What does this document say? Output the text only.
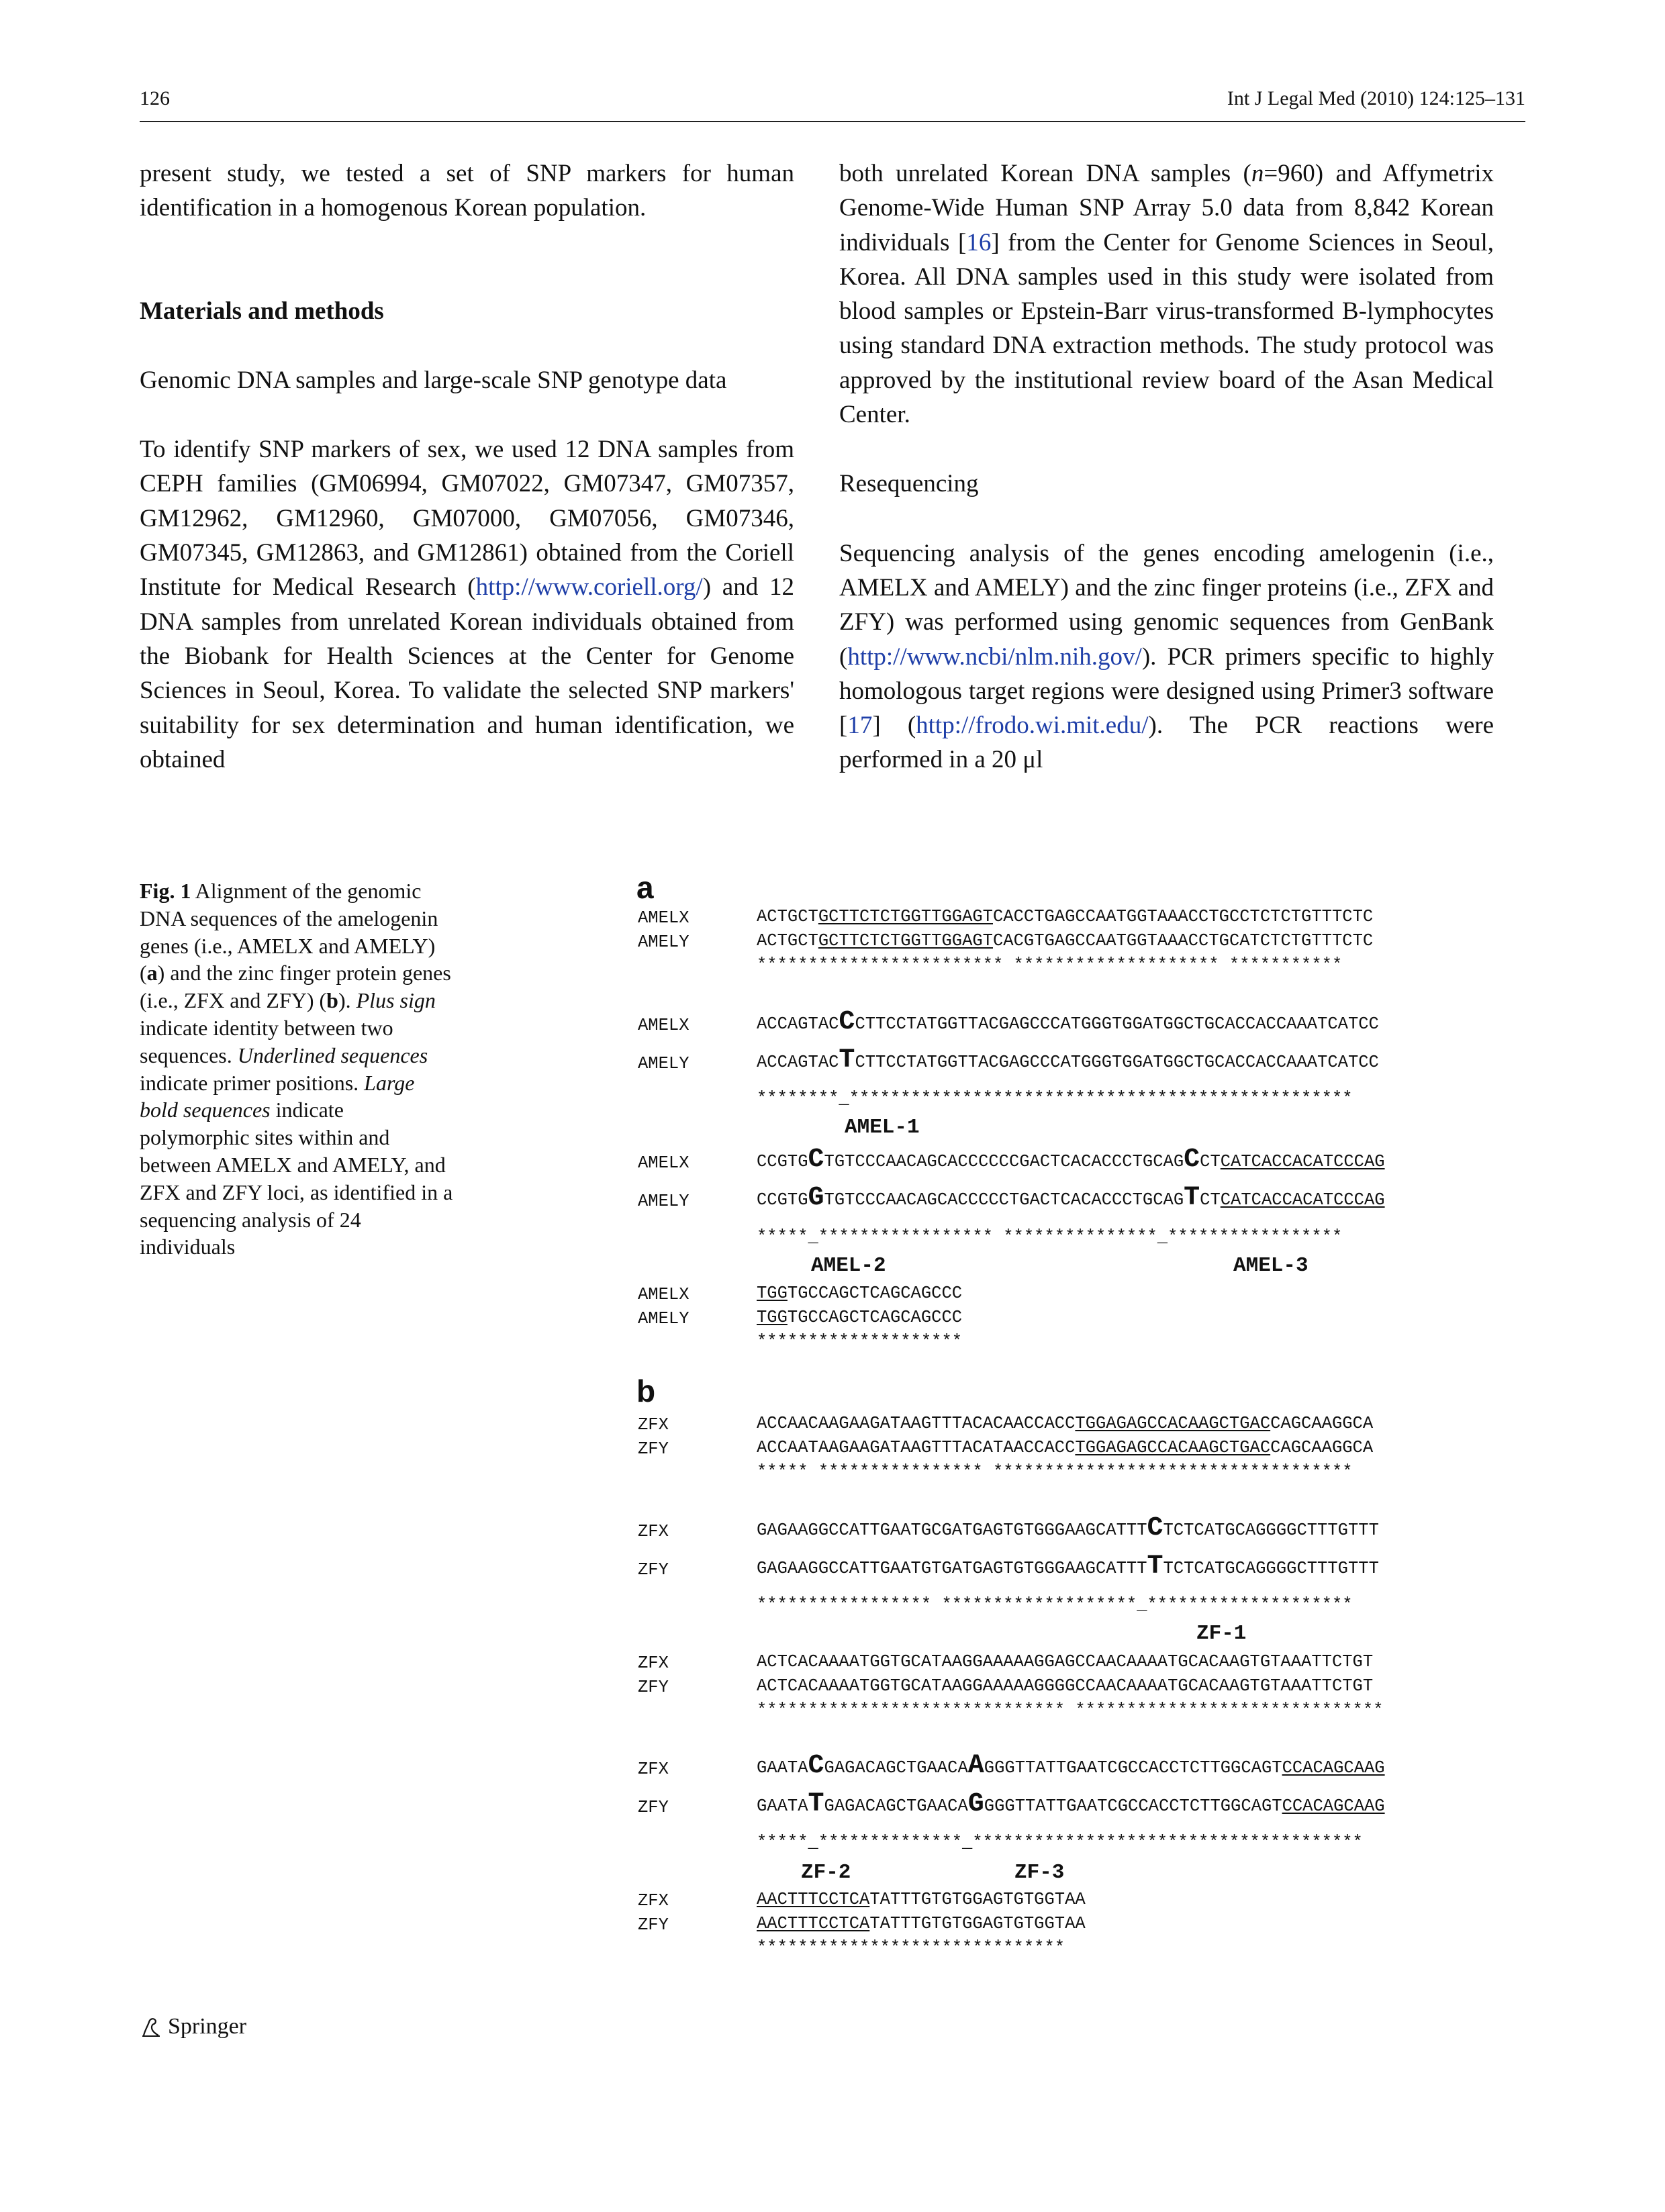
126	Int J Legal Med (2010) 124:125–131

present study, we tested a set of SNP markers for human identification in a homogenous Korean population.

Materials and methods

Genomic DNA samples and large-scale SNP genotype data

To identify SNP markers of sex, we used 12 DNA samples from CEPH families (GM06994, GM07022, GM07347, GM07357, GM12962, GM12960, GM07000, GM07056, GM07346, GM07345, GM12863, and GM12861) obtained from the Coriell Institute for Medical Research (http://www.coriell.org/) and 12 DNA samples from unrelated Korean individuals obtained from the Biobank for Health Sciences at the Center for Genome Sciences in Seoul, Korea. To validate the selected SNP markers' suitability for sex determination and human identification, we obtained

both unrelated Korean DNA samples (n=960) and Affymetrix Genome-Wide Human SNP Array 5.0 data from 8,842 Korean individuals [16] from the Center for Genome Sciences in Seoul, Korea. All DNA samples used in this study were isolated from blood samples or Epstein-Barr virus-transformed B-lymphocytes using standard DNA extraction methods. The study protocol was approved by the institutional review board of the Asan Medical Center.

Resequencing

Sequencing analysis of the genes encoding amelogenin (i.e., AMELX and AMELY) and the zinc finger proteins (i.e., ZFX and ZFY) was performed using genomic sequences from GenBank (http://www.ncbi/nlm.nih.gov/). PCR primers specific to highly homologous target regions were designed using Primer3 software [17] (http://frodo.wi.mit.edu/). The PCR reactions were performed in a 20 μl

Fig. 1 Alignment of the genomic DNA sequences of the amelogenin genes (i.e., AMELX and AMELY) (a) and the zinc finger protein genes (i.e., ZFX and ZFY) (b). Plus sign indicate identity between two sequences. Underlined sequences indicate primer positions. Large bold sequences indicate polymorphic sites within and between AMELX and AMELY, and ZFX and ZFY loci, as identified in a sequencing analysis of 24 individuals
a
AMELX	ACTGCTGCTTCTCTGGTTGGAGTCACCTGAGCCAATGGTAAACCTGCCTCTCTGTTTCTC
AMELY	ACTGCTGCTTCTCTGGTTGGAGTCACGTGAGCCAATGGTAAACCTGCATCTCTGTTTCTC
************************ ******************** ***********
AMELX	ACCAGTACCCTTCCTATGGTTACGAGCCCATGGGTGGATGGCTGCACCACCAAATCATCC
AMELY	ACCAGTACTCTTCCTATGGTTACGAGCCCATGGGTGGATGGCTGCACCACCAAATCATCC
********_*************************************************
AMEL-1
AMELX	CCGTGCTGTCCCAACAGCACCCCCCGACTCACACCCTGCAGCCTCATCACCACATCCCAG
AMELY	CCGTGGTGTCCCAACAGCACCCCCTGACTCACACCCTGCAGTCTCATCACCACATCCCAG
*****_***************** ***************_*****************
AMEL-2	AMEL-3
AMELX	TGGTGCCAGCTCAGCAGCCC
AMELY	TGGTGCCAGCTCAGCAGCCC
********************
b
ZFX	ACCAACAAGAAGATAAGTTTACACAACCACCTGGAGAGCCACAAGCTGACCAGCAAGGCA
ZFY	ACCAATAAGAAGATAAGTTTACATAACCACCTGGAGAGCCACAAGCTGACCAGCAAGGCA
***** **************** ***********************************
ZFX	GAGAAGGCCATTGAATGCGATGAGTGTGGGAAGCATTTCTCTCATGCAGGGGCTTTGTTT
ZFY	GAGAAGGCCATTGAATGTGATGAGTGTGGGAAGCATTTTTCTCATGCAGGGGCTTTGTTT
***************** *******************_********************
ZF-1
ZFX	ACTCACAAAATGGTGCATAAGGAAAAAGGAGCCAACAAAATGCACAAGTGTAAATTCTGT
ZFY	ACTCACAAAATGGTGCATAAGGAAAAAGGGGCCAACAAAATGCACAAGTGTAAATTCTGT
****************************** ******************************
ZFX	GAATACGAGACAGCTGAACAAGGGTTATTGAATCGCCACCTCTTGGCAGTCCACAGCAAG
ZFY	GAATATGAGACAGCTGAACAGGGGTTATTGAATCGCCACCTCTTGGCAGTCCACAGCAAG
*****_**************_**************************************
ZF-2	ZF-3
ZFX	AACTTTCCTCATATTTGTGTGGAGTGTGGTAA
ZFY	AACTTTCCTCATATTTGTGTGGAGTGTGGTAA
******************************
Springer
